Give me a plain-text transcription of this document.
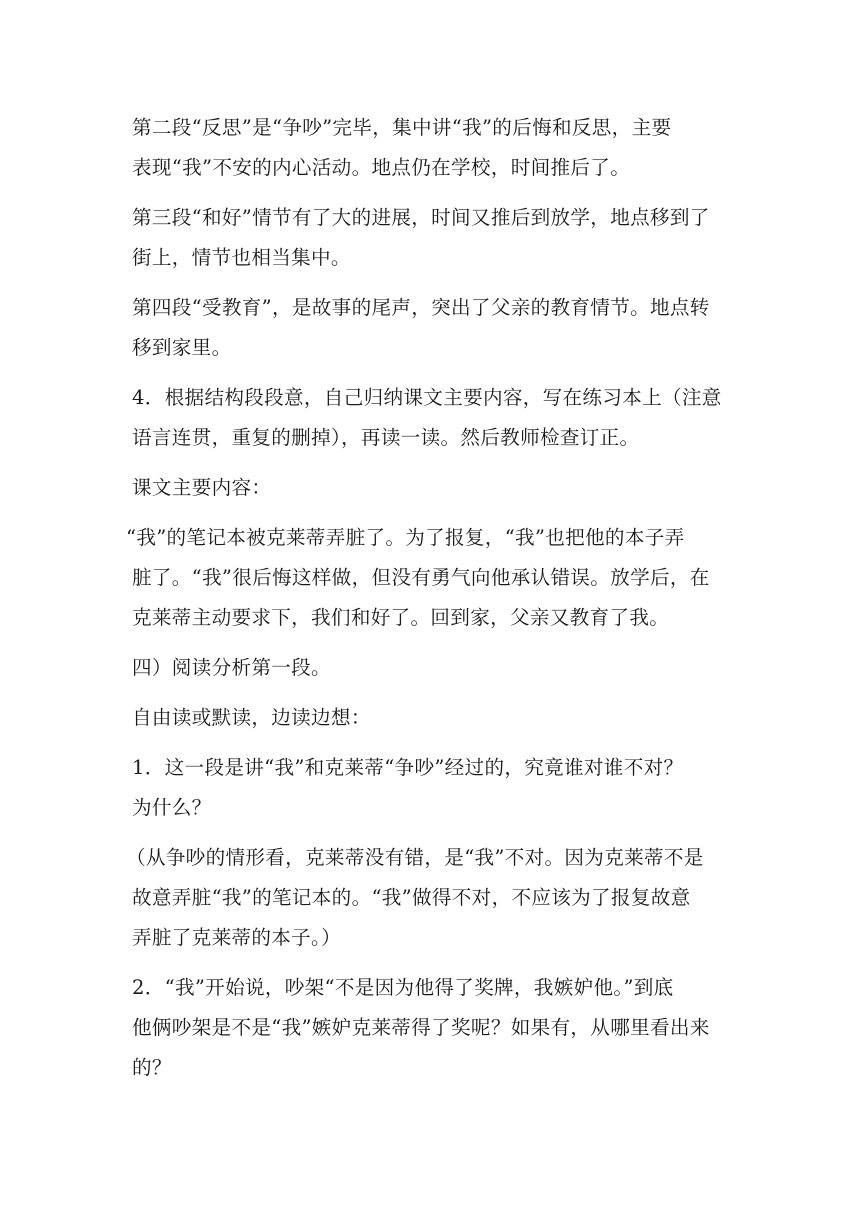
第二段“反思”是“争吵”完毕，集中讲“我”的后悔和反思，主要

表现“我”不安的内心活动。地点仍在学校，时间推后了。

第三段“和好”情节有了大的进展，时间又推后到放学，地点移到了

街上，情节也相当集中。

第四段“受教育”，是故事的尾声，突出了父亲的教育情节。地点转

移到家里。

4．根据结构段段意，自己归纳课文主要内容，写在练习本上（注意

语言连贯，重复的删掉），再读一读。然后教师检查订正。

课文主要内容：

“我”的笔记本被克莱蒂弄脏了。为了报复，“我”也把他的本子弄

脏了。“我”很后悔这样做，但没有勇气向他承认错误。放学后，在

克莱蒂主动要求下，我们和好了。回到家，父亲又教育了我。

四）阅读分析第一段。

自由读或默读，边读边想：

1．这一段是讲“我”和克莱蒂“争吵”经过的，究竟谁对谁不对？

为什么？

（从争吵的情形看，克莱蒂没有错，是“我”不对。因为克莱蒂不是

故意弄脏“我”的笔记本的。“我”做得不对，不应该为了报复故意

弄脏了克莱蒂的本子。）

2．“我”开始说，吵架“不是因为他得了奖牌，我嫉妒他。”到底

他俩吵架是不是“我”嫉妒克莱蒂得了奖呢？如果有，从哪里看出来

的？
